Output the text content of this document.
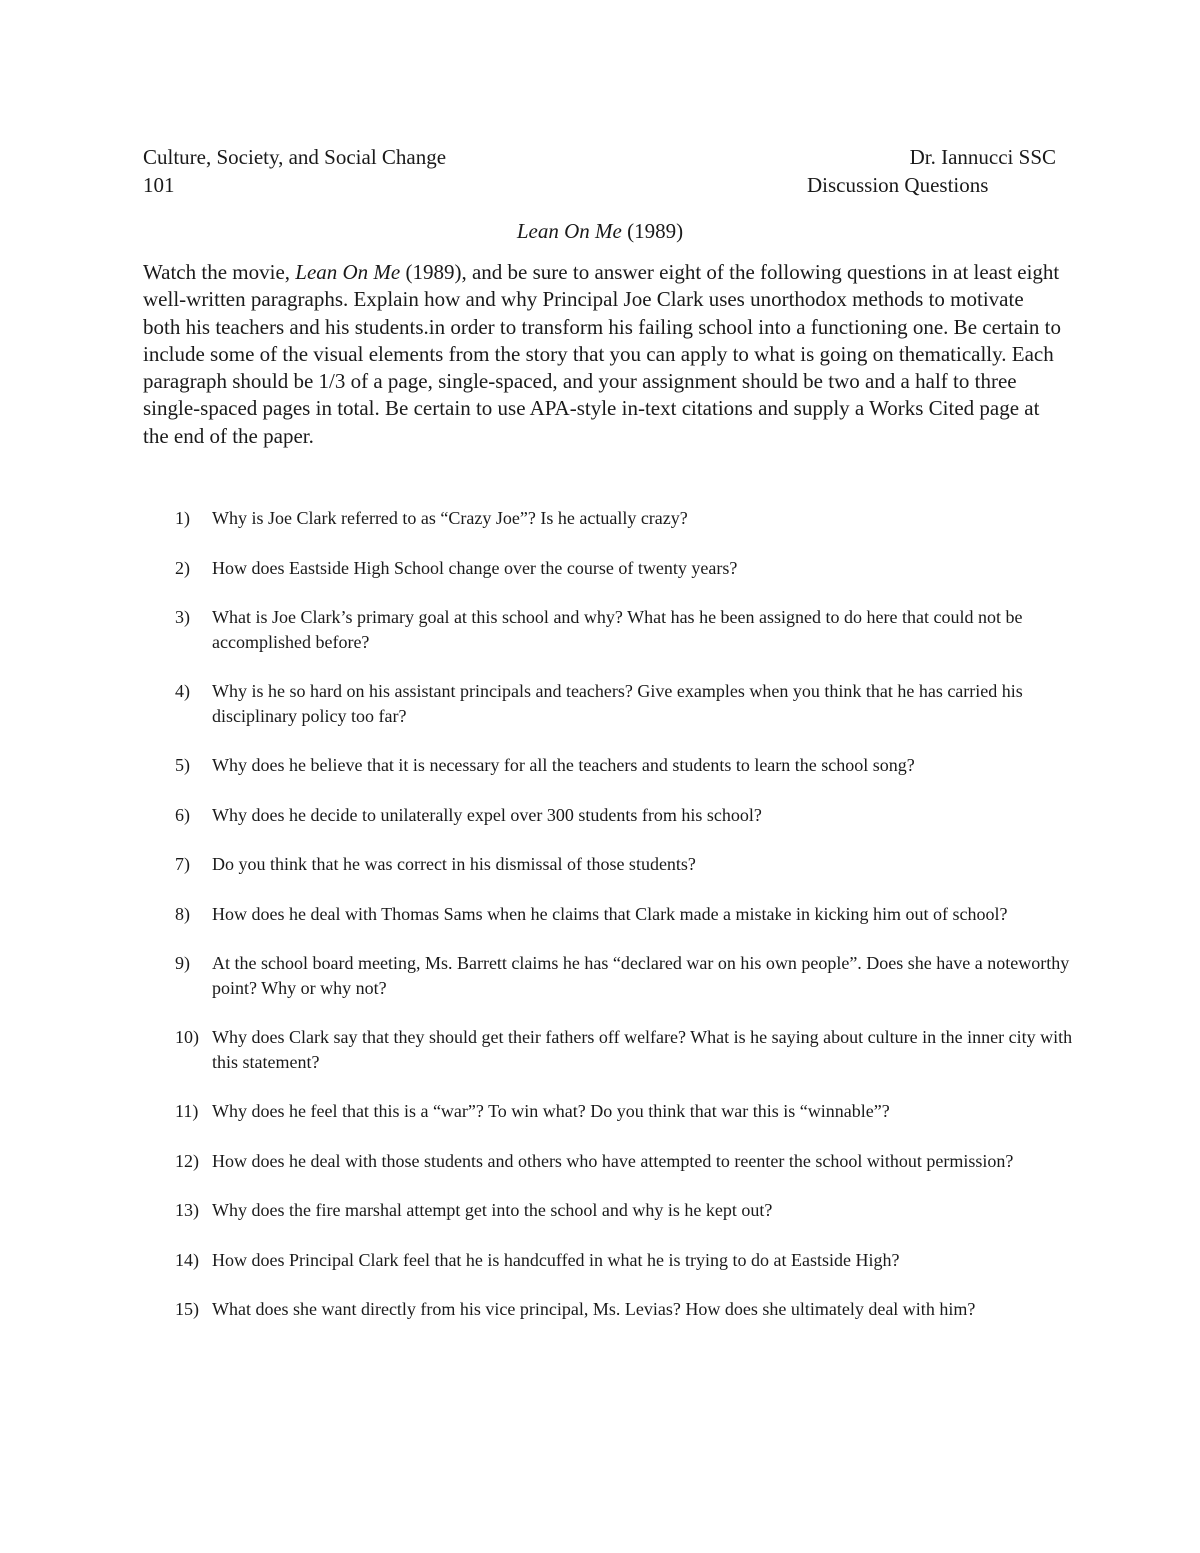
Culture, Society, and Social Change
101
Dr. Iannucci SSC
Discussion Questions
Lean On Me (1989)

Watch the movie, Lean On Me (1989), and be sure to answer eight of the following questions in at least eight well-written paragraphs. Explain how and why Principal Joe Clark uses unorthodox methods to motivate both his teachers and his students.in order to transform his failing school into a functioning one. Be certain to include some of the visual elements from the story that you can apply to what is going on thematically. Each paragraph should be 1/3 of a page, single-spaced, and your assignment should be two and a half to three single-spaced pages in total. Be certain to use APA-style in-text citations and supply a Works Cited page at the end of the paper.

1) Why is Joe Clark referred to as “Crazy Joe”? Is he actually crazy?
2) How does Eastside High School change over the course of twenty years?
3) What is Joe Clark’s primary goal at this school and why? What has he been assigned to do here that could not be accomplished before?
4) Why is he so hard on his assistant principals and teachers? Give examples when you think that he has carried his disciplinary policy too far?
5) Why does he believe that it is necessary for all the teachers and students to learn the school song?
6) Why does he decide to unilaterally expel over 300 students from his school?
7) Do you think that he was correct in his dismissal of those students?
8) How does he deal with Thomas Sams when he claims that Clark made a mistake in kicking him out of school?
9) At the school board meeting, Ms. Barrett claims he has “declared war on his own people”. Does she have a noteworthy point? Why or why not?
10) Why does Clark say that they should get their fathers off welfare? What is he saying about culture in the inner city with this statement?
11) Why does he feel that this is a “war”? To win what? Do you think that war this is “winnable”?
12) How does he deal with those students and others who have attempted to reenter the school without permission?
13) Why does the fire marshal attempt get into the school and why is he kept out?
14) How does Principal Clark feel that he is handcuffed in what he is trying to do at Eastside High?
15) What does she want directly from his vice principal, Ms. Levias? How does she ultimately deal with him?
